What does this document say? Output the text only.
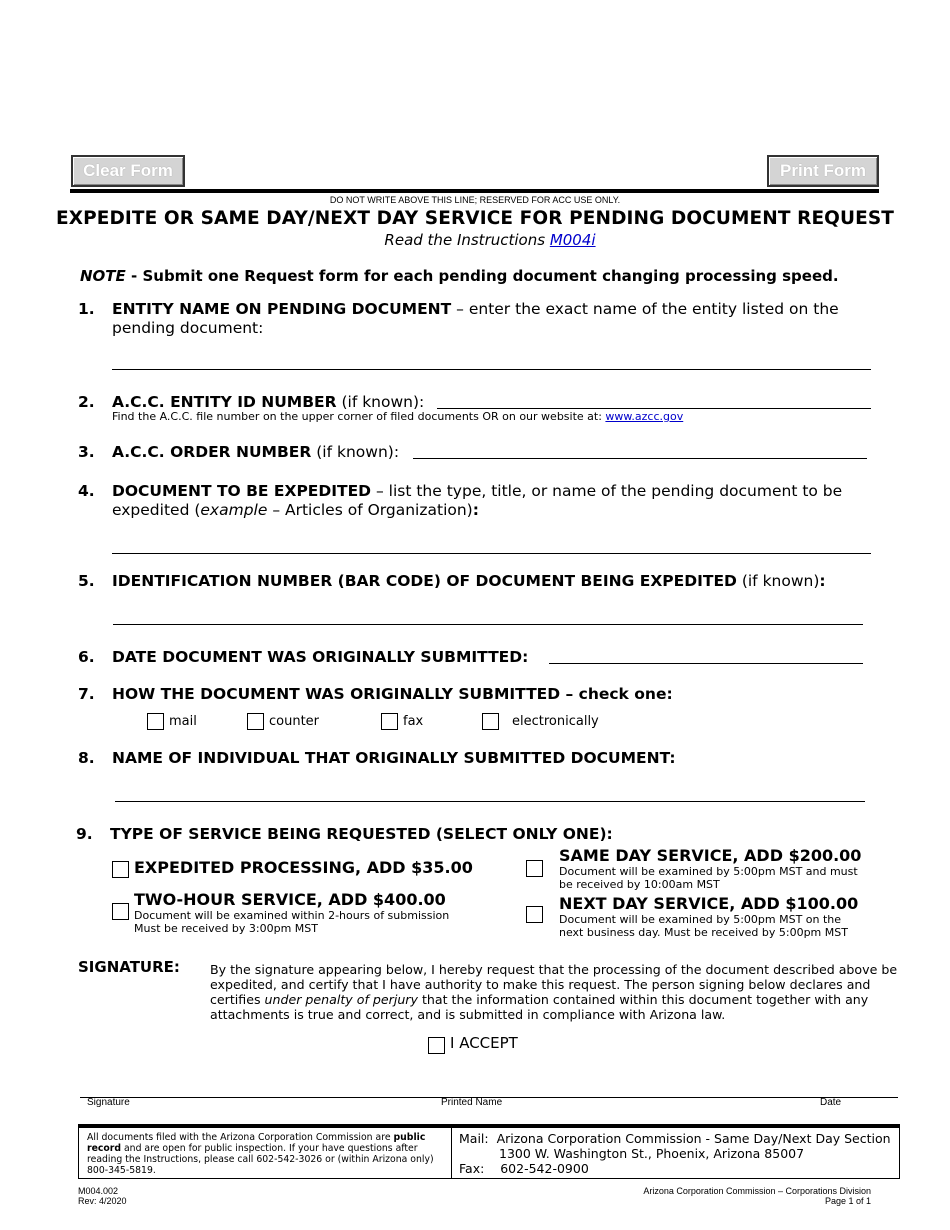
Clear Form	Print Form
DO NOT WRITE ABOVE THIS LINE; RESERVED FOR ACC USE ONLY.
EXPEDITE OR SAME DAY/NEXT DAY SERVICE FOR PENDING DOCUMENT REQUEST
Read the Instructions M004i
NOTE - Submit one Request form for each pending document changing processing speed.
1. ENTITY NAME ON PENDING DOCUMENT – enter the exact name of the entity listed on the pending document:
2. A.C.C. ENTITY ID NUMBER (if known):
Find the A.C.C. file number on the upper corner of filed documents OR on our website at: www.azcc.gov
3. A.C.C. ORDER NUMBER (if known):
4. DOCUMENT TO BE EXPEDITED – list the type, title, or name of the pending document to be expedited (example – Articles of Organization):
5. IDENTIFICATION NUMBER (BAR CODE) OF DOCUMENT BEING EXPEDITED (if known):
6. DATE DOCUMENT WAS ORIGINALLY SUBMITTED:
7. HOW THE DOCUMENT WAS ORIGINALLY SUBMITTED – check one:
mail	counter	fax	electronically
8. NAME OF INDIVIDUAL THAT ORIGINALLY SUBMITTED DOCUMENT:
9. TYPE OF SERVICE BEING REQUESTED (SELECT ONLY ONE):
EXPEDITED PROCESSING, ADD $35.00
TWO-HOUR SERVICE, ADD $400.00
Document will be examined within 2-hours of submission
Must be received by 3:00pm MST
SAME DAY SERVICE, ADD $200.00
Document will be examined by 5:00pm MST and must
be received by 10:00am MST
NEXT DAY SERVICE, ADD $100.00
Document will be examined by 5:00pm MST on the
next business day. Must be received by 5:00pm MST
SIGNATURE: By the signature appearing below, I hereby request that the processing of the document described above be expedited, and certify that I have authority to make this request. The person signing below declares and certifies under penalty of perjury that the information contained within this document together with any attachments is true and correct, and is submitted in compliance with Arizona law.
I ACCEPT
Signature	Printed Name	Date
All documents filed with the Arizona Corporation Commission are public record and are open for public inspection. If your have questions after reading the Instructions, please call 602-542-3026 or (within Arizona only) 800-345-5819.
Mail: Arizona Corporation Commission - Same Day/Next Day Section
1300 W. Washington St., Phoenix, Arizona 85007
Fax: 602-542-0900
M004.002
Rev: 4/2020
Arizona Corporation Commission – Corporations Division
Page 1 of 1
